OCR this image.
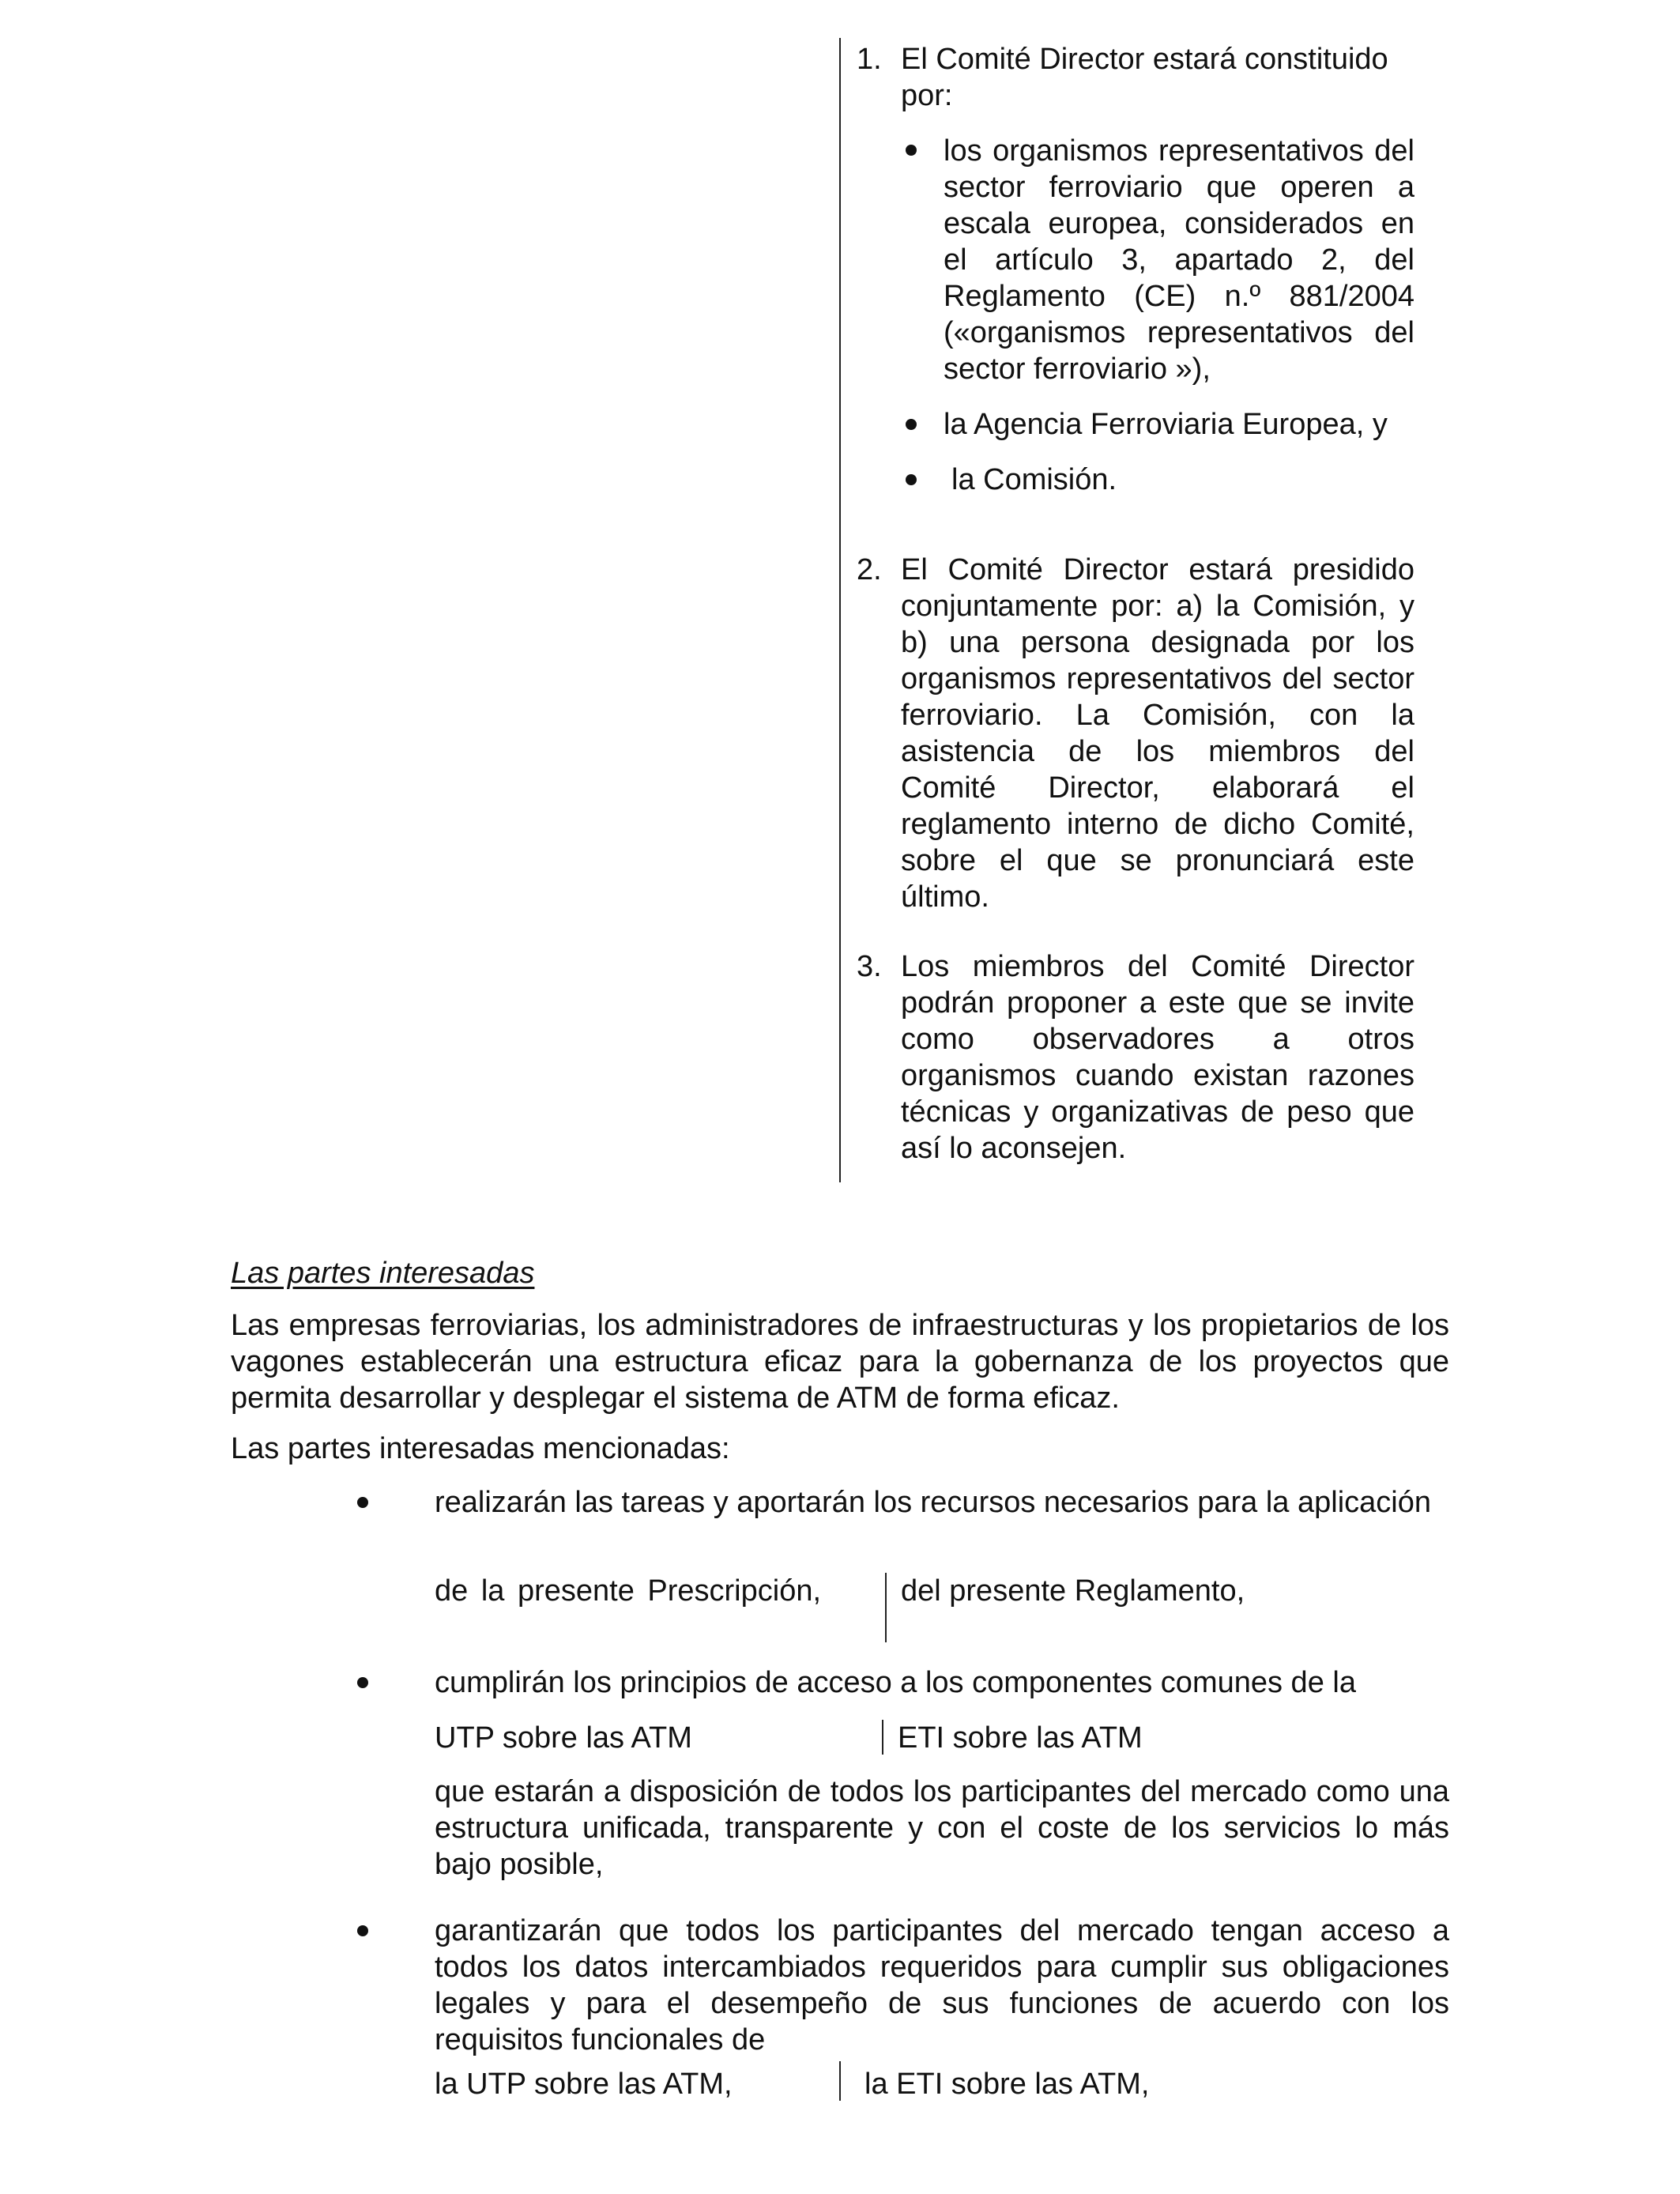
1. El Comité Director estará constituido por:

los organismos representativos del sector ferroviario que operen a escala europea, considerados en el artículo 3, apartado 2, del Reglamento (CE) n.º 881/2004 («organismos representativos del sector ferroviario »),

la Agencia Ferroviaria Europea, y

la Comisión.

2. El Comité Director estará presidido conjuntamente por: a) la Comisión, y b) una persona designada por los organismos representativos del sector ferroviario. La Comisión, con la asistencia de los miembros del Comité Director, elaborará el reglamento interno de dicho Comité, sobre el que se pronunciará este último.

3. Los miembros del Comité Director podrán proponer a este que se invite como observadores a otros organismos cuando existan razones técnicas y organizativas de peso que así lo aconsejen.

Las partes interesadas

Las empresas ferroviarias, los administradores de infraestructuras y los propietarios de los vagones establecerán una estructura eficaz para la gobernanza de los proyectos que permita desarrollar y desplegar el sistema de ATM de forma eficaz.

Las partes interesadas mencionadas:

realizarán las tareas y aportarán los recursos necesarios para la aplicación

de la presente Prescripción,	del presente Reglamento,

cumplirán los principios de acceso a los componentes comunes de la

UTP sobre las ATM	ETI sobre las ATM

que estarán a disposición de todos los participantes del mercado como una estructura unificada, transparente y con el coste de los servicios lo más bajo posible,

garantizarán que todos los participantes del mercado tengan acceso a todos los datos intercambiados requeridos para cumplir sus obligaciones legales y para el desempeño de sus funciones de acuerdo con los requisitos funcionales de

la UTP sobre las ATM,	la ETI sobre las ATM,
